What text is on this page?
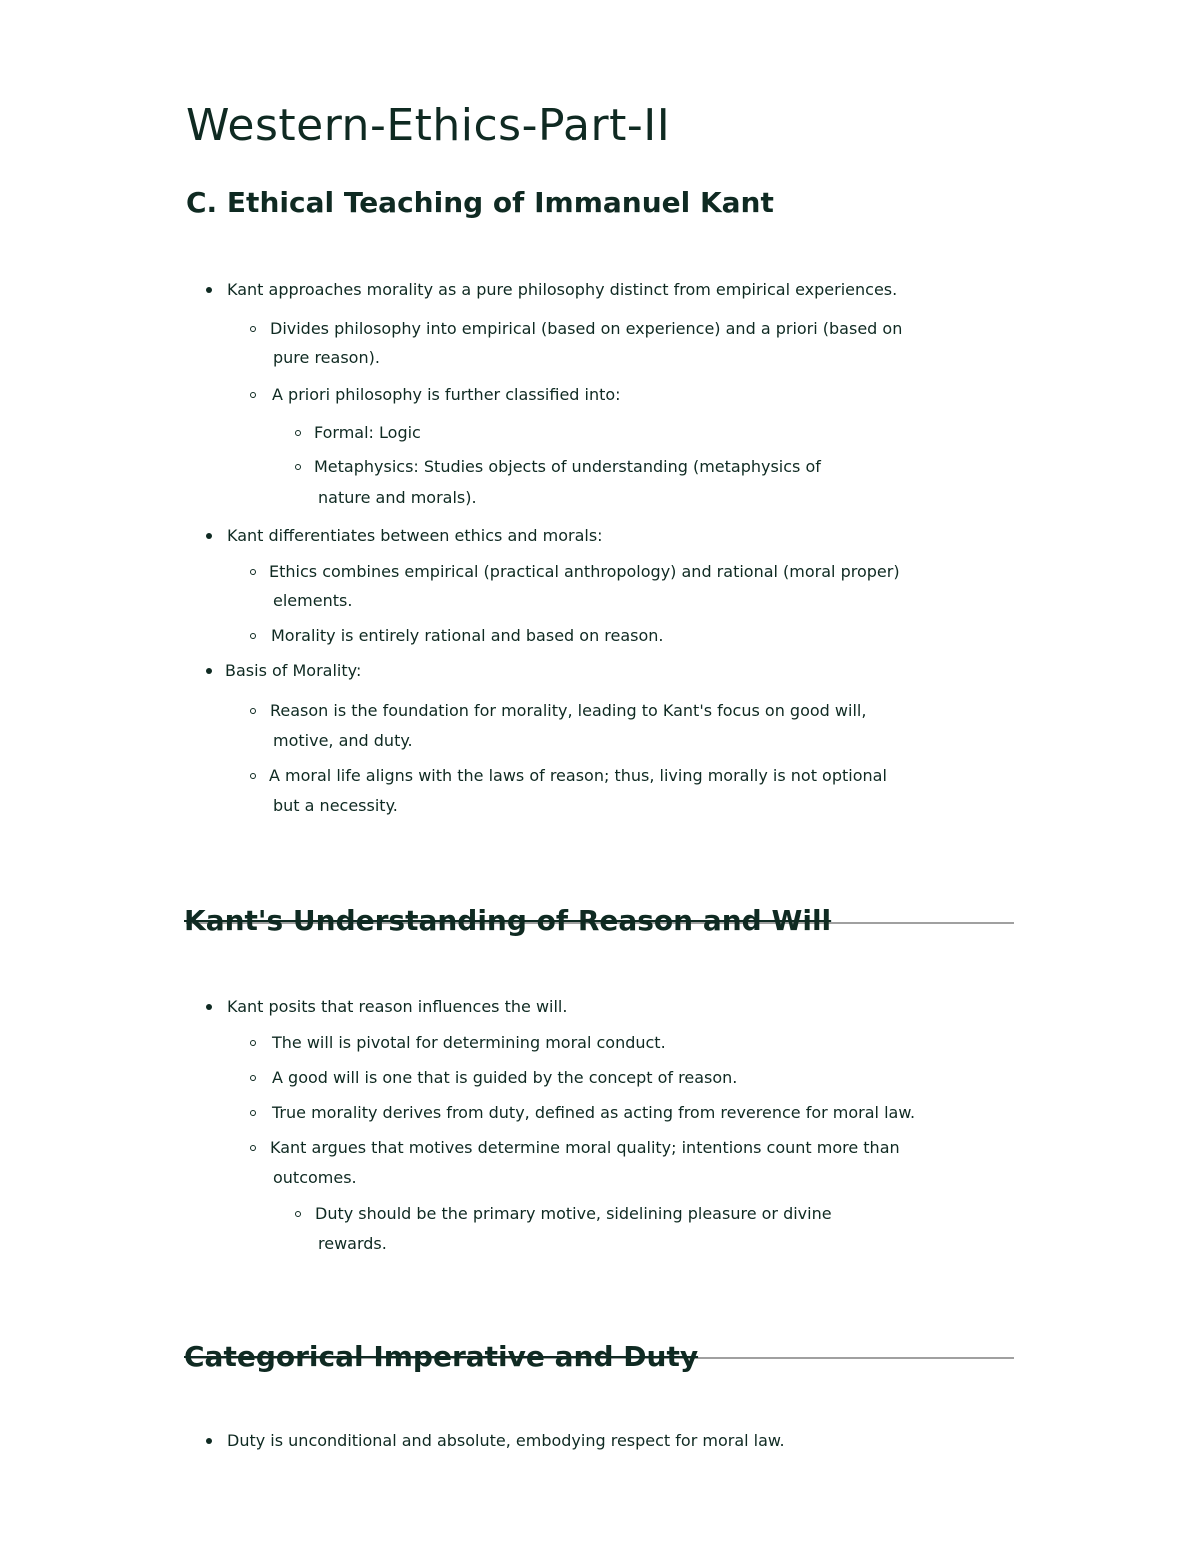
Western-Ethics-Part-II
C. Ethical Teaching of Immanuel Kant
Kant approaches morality as a pure philosophy distinct from empirical experiences.
Divides philosophy into empirical (based on experience) and a priori (based on
pure reason).
A priori philosophy is further classified into:
Formal: Logic
Metaphysics: Studies objects of understanding (metaphysics of
nature and morals).
Kant differentiates between ethics and morals:
Ethics combines empirical (practical anthropology) and rational (moral proper)
elements.
Morality is entirely rational and based on reason.
Basis of Morality:
Reason is the foundation for morality, leading to Kant's focus on good will,
motive, and duty.
A moral life aligns with the laws of reason; thus, living morally is not optional
but a necessity.
Kant's Understanding of Reason and Will
Kant posits that reason influences the will.
The will is pivotal for determining moral conduct.
A good will is one that is guided by the concept of reason.
True morality derives from duty, defined as acting from reverence for moral law.
Kant argues that motives determine moral quality; intentions count more than
outcomes.
Duty should be the primary motive, sidelining pleasure or divine
rewards.
Categorical Imperative and Duty
Duty is unconditional and absolute, embodying respect for moral law.
